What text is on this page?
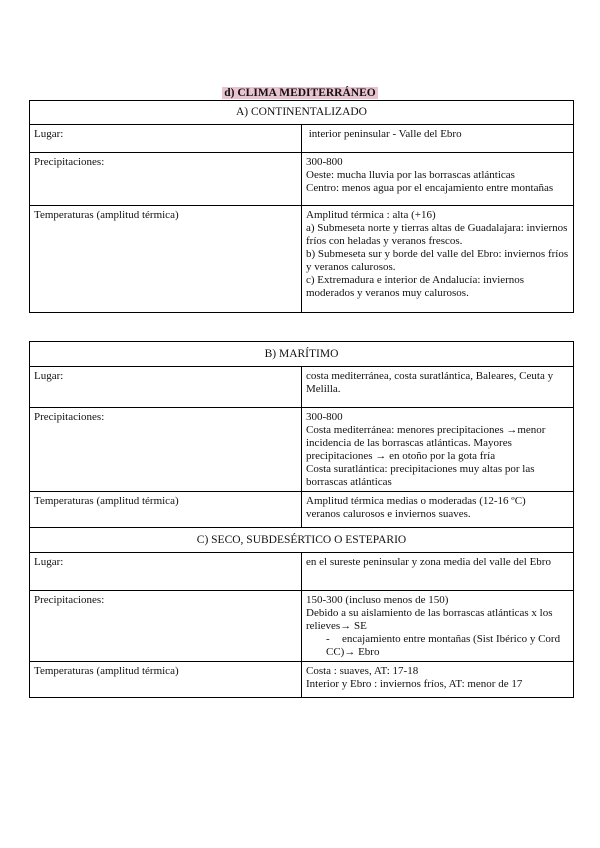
d) CLIMA MEDITERRÁNEO
A) CONTINENTALIZADO	
Lugar:	interior peninsular - Valle del Ebro
Precipitaciones:	300-800
Oeste: mucha lluvia por las borrascas atlánticas
Centro: menos agua por el encajamiento entre montañas

Temperaturas (amplitud térmica)	Amplitud térmica : alta (+16)
a) Submeseta norte y tierras altas de Guadalajara: inviernos fríos con heladas y veranos frescos.
b) Submeseta sur y borde del valle del Ebro: inviernos fríos y veranos calurosos.
c) Extremadura e interior de Andalucía: inviernos moderados y veranos muy calurosos.
B) MARÍTIMO	
Lugar:	costa mediterránea, costa suratlántica, Baleares, Ceuta y Melilla.
Precipitaciones:	300-800
Costa mediterránea: menores precipitaciones →menor incidencia de las borrascas atlánticas. Mayores precipitaciones → en otoño por la gota fría
Costa suratlántica: precipitaciones muy altas por las borrascas atlánticas

Temperaturas (amplitud térmica)	Amplitud térmica medias o moderadas (12-16 ºC)
veranos calurosos e inviernos suaves.
C) SECO, SUBDESÉRTICO O ESTEPARIO	
Lugar:	en el sureste peninsular y zona media del valle del Ebro
Precipitaciones:	150-300 (incluso menos de 150)
Debido a su aislamiento de las borrascas atlánticas x los relieves→ SE
- encajamiento entre montañas (Sist Ibérico y Cord CC)→ Ebro

Temperaturas (amplitud térmica)	Costa : suaves, AT: 17-18
Interior y Ebro : inviernos fríos, AT: menor de 17
